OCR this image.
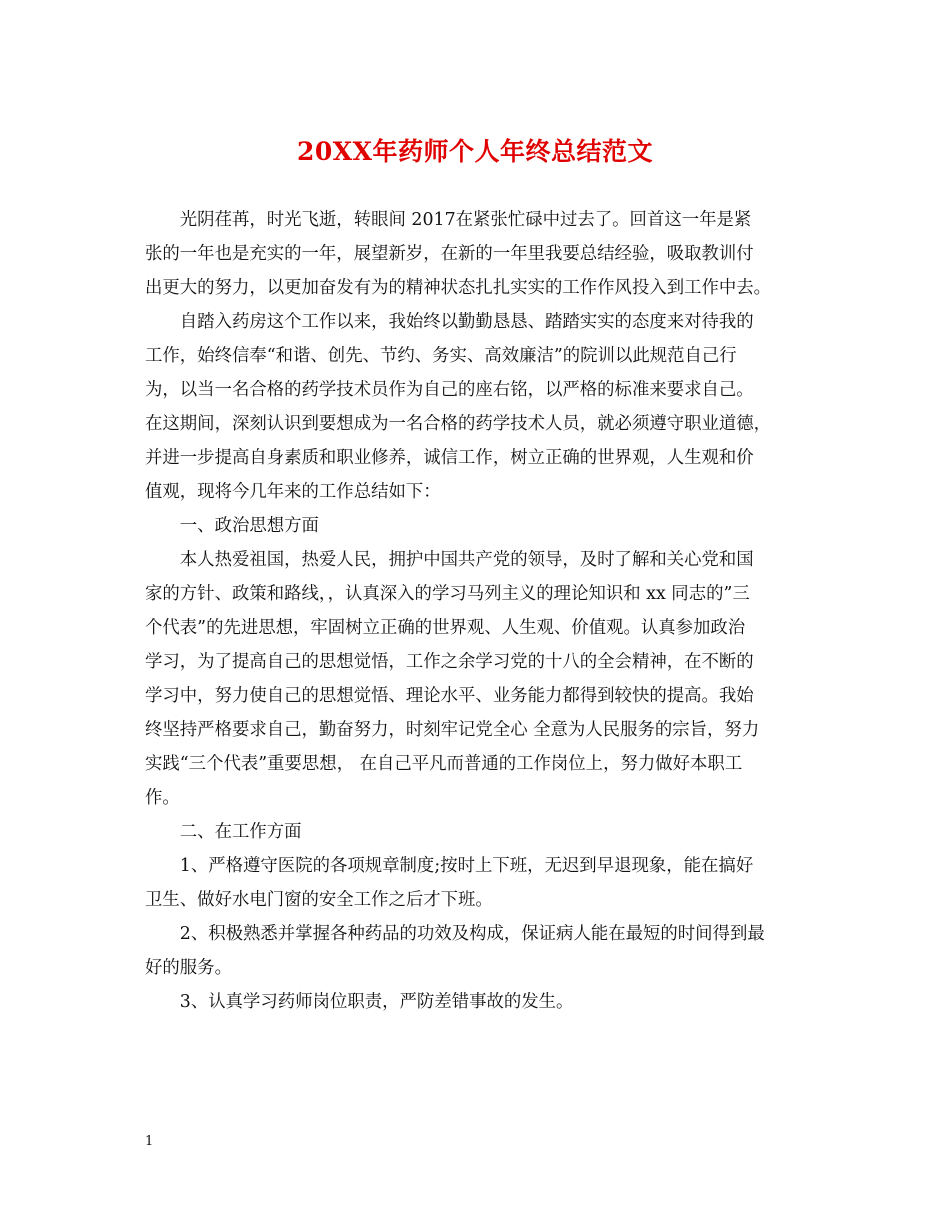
20XX年药师个人年终总结范文
　　光阴荏苒，时光飞逝，转眼间 2017在紧张忙碌中过去了。回首这一年是紧
张的一年也是充实的一年，展望新岁，在新的一年里我要总结经验，吸取教训付
出更大的努力，以更加奋发有为的精神状态扎扎实实的工作作风投入到工作中去。
　　自踏入药房这个工作以来，我始终以勤勤恳恳、踏踏实实的态度来对待我的
工作，始终信奉“和谐、创先、节约、务实、高效廉洁”的院训以此规范自己行
为，以当一名合格的药学技术员作为自己的座右铭，以严格的标准来要求自己。
在这期间，深刻认识到要想成为一名合格的药学技术人员，就必须遵守职业道德，
并进一步提高自身素质和职业修养，诚信工作，树立正确的世界观，人生观和价
值观，现将今几年来的工作总结如下：
　　一、政治思想方面
　　本人热爱祖国，热爱人民，拥护中国共产党的领导，及时了解和关心党和国
家的方针、政策和路线，，认真深入的学习马列主义的理论知识和 xx 同志的”三
个代表”的先进思想，牢固树立正确的世界观、人生观、价值观。认真参加政治
学习，为了提高自己的思想觉悟，工作之余学习党的十八的全会精神，在不断的
学习中，努力使自己的思想觉悟、理论水平、业务能力都得到较快的提高。我始
终坚持严格要求自己，勤奋努力，时刻牢记党全心 全意为人民服务的宗旨，努力
实践“三个代表”重要思想， 在自己平凡而普通的工作岗位上，努力做好本职工
作。
　　二、在工作方面
　　1、严格遵守医院的各项规章制度;按时上下班，无迟到早退现象，能在搞好
卫生、做好水电门窗的安全工作之后才下班。
　　2、积极熟悉并掌握各种药品的功效及构成，保证病人能在最短的时间得到最
好的服务。
　　3、认真学习药师岗位职责，严防差错事故的发生。
1
